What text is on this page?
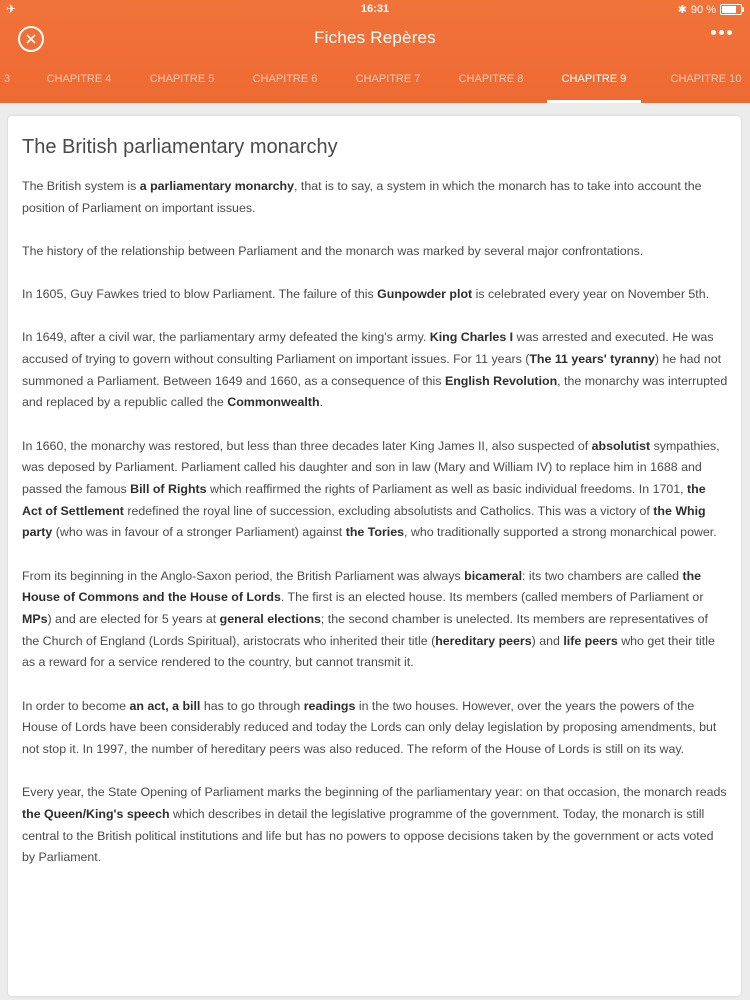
✈	16:31	✱ 90 %
Fiches Repères
3	CHAPITRE 4	CHAPITRE 5	CHAPITRE 6	CHAPITRE 7	CHAPITRE 8	CHAPITRE 9	CHAPITRE 10
The British parliamentary monarchy

The British system is a parliamentary monarchy, that is to say, a system in which the monarch has to take into account the position of Parliament on important issues.

The history of the relationship between Parliament and the monarch was marked by several major confrontations.

In 1605, Guy Fawkes tried to blow Parliament. The failure of this Gunpowder plot is celebrated every year on November 5th.

In 1649, after a civil war, the parliamentary army defeated the king's army. King Charles I was arrested and executed. He was accused of trying to govern without consulting Parliament on important issues. For 11 years (The 11 years' tyranny) he had not summoned a Parliament. Between 1649 and 1660, as a consequence of this English Revolution, the monarchy was interrupted and replaced by a republic called the Commonwealth.

In 1660, the monarchy was restored, but less than three decades later King James II, also suspected of absolutist sympathies, was deposed by Parliament. Parliament called his daughter and son in law (Mary and William IV) to replace him in 1688 and passed the famous Bill of Rights which reaffirmed the rights of Parliament as well as basic individual freedoms. In 1701, the Act of Settlement redefined the royal line of succession, excluding absolutists and Catholics. This was a victory of the Whig party (who was in favour of a stronger Parliament) against the Tories, who traditionally supported a strong monarchical power.

From its beginning in the Anglo-Saxon period, the British Parliament was always bicameral: its two chambers are called the House of Commons and the House of Lords. The first is an elected house. Its members (called members of Parliament or MPs) and are elected for 5 years at general elections; the second chamber is unelected. Its members are representatives of the Church of England (Lords Spiritual), aristocrats who inherited their title (hereditary peers) and life peers who get their title as a reward for a service rendered to the country, but cannot transmit it.

In order to become an act, a bill has to go through readings in the two houses. However, over the years the powers of the House of Lords have been considerably reduced and today the Lords can only delay legislation by proposing amendments, but not stop it. In 1997, the number of hereditary peers was also reduced. The reform of the House of Lords is still on its way.

Every year, the State Opening of Parliament marks the beginning of the parliamentary year: on that occasion, the monarch reads the Queen/King's speech which describes in detail the legislative programme of the government. Today, the monarch is still central to the British political institutions and life but has no powers to oppose decisions taken by the government or acts voted by Parliament.
